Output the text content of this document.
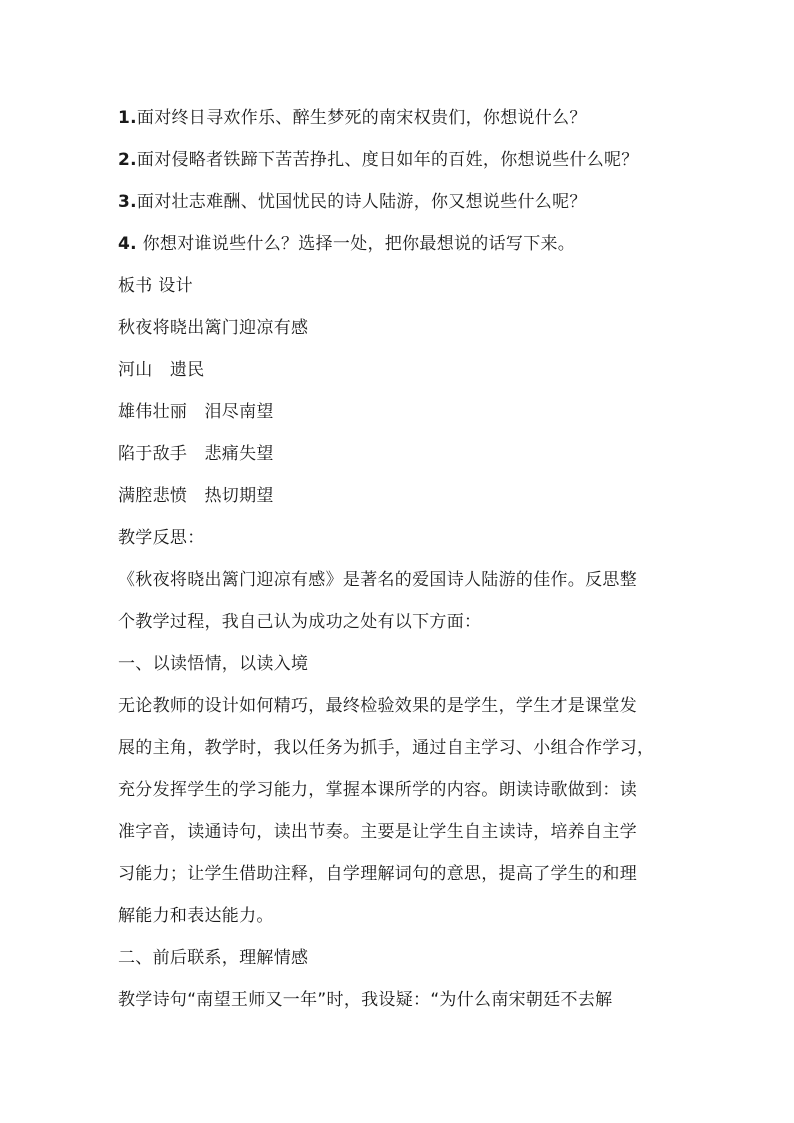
1.面对终日寻欢作乐、醉生梦死的南宋权贵们，你想说什么？
2.面对侵略者铁蹄下苦苦挣扎、度日如年的百姓，你想说些什么呢？
3.面对壮志难酬、忧国忧民的诗人陆游，你又想说些什么呢？
4. 你想对谁说些什么？选择一处，把你最想说的话写下来。
板书 设计
秋夜将晓出篱门迎凉有感
河山　遗民
雄伟壮丽　泪尽南望
陷于敌手　悲痛失望
满腔悲愤　热切期望
教学反思：
《秋夜将晓出篱门迎凉有感》是著名的爱国诗人陆游的佳作。反思整
个教学过程，我自己认为成功之处有以下方面：
一、以读悟情，以读入境
无论教师的设计如何精巧，最终检验效果的是学生，学生才是课堂发
展的主角，教学时，我以任务为抓手，通过自主学习、小组合作学习，
充分发挥学生的学习能力，掌握本课所学的内容。朗读诗歌做到：读
准字音，读通诗句，读出节奏。主要是让学生自主读诗，培养自主学
习能力；让学生借助注释，自学理解词句的意思，提高了学生的和理
解能力和表达能力。
二、前后联系，理解情感
教学诗句“南望王师又一年”时，我设疑：“为什么南宋朝廷不去解
